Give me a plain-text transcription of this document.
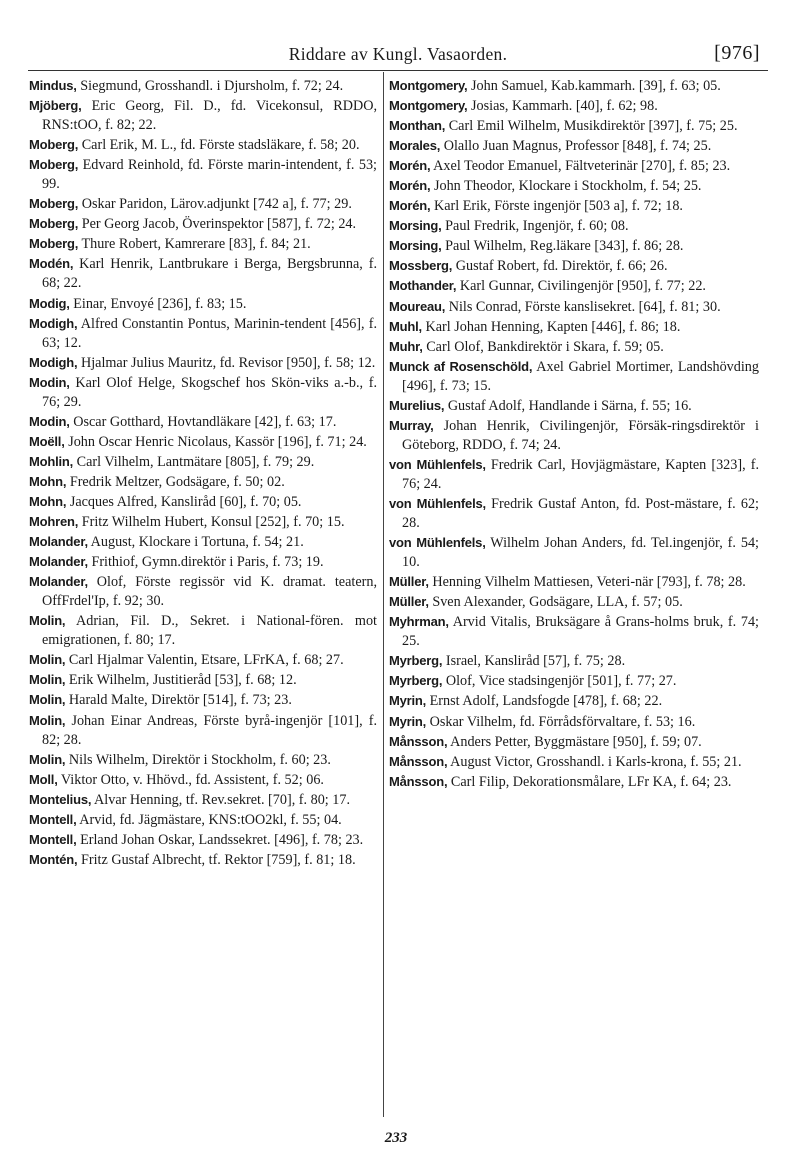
Riddare av Kungl. Vasaorden.	[976]

Mindus, Siegmund, Grosshandl. i Djursholm, f. 72; 24.

Mjöberg, Eric Georg, Fil. D., fd. Vicekonsul, RDDO, RNS:tOO, f. 82; 22.

Moberg, Carl Erik, M. L., fd. Förste stadsläkare, f. 58; 20.

Moberg, Edvard Reinhold, fd. Förste marin-intendent, f. 53; 99.

Moberg, Oskar Paridon, Lärov.adjunkt [742 a], f. 77; 29.

Moberg, Per Georg Jacob, Överinspektor [587], f. 72; 24.

Moberg, Thure Robert, Kamrerare [83], f. 84; 21.

Modén, Karl Henrik, Lantbrukare i Berga, Bergsbrunna, f. 68; 22.

Modig, Einar, Envoyé [236], f. 83; 15.

Modigh, Alfred Constantin Pontus, Marinin-tendent [456], f. 63; 12.

Modigh, Hjalmar Julius Mauritz, fd. Revisor [950], f. 58; 12.

Modin, Karl Olof Helge, Skogschef hos Skön-viks a.-b., f. 76; 29.

Modin, Oscar Gotthard, Hovtandläkare [42], f. 63; 17.

Moëll, John Oscar Henric Nicolaus, Kassör [196], f. 71; 24.

Mohlin, Carl Vilhelm, Lantmätare [805], f. 79; 29.

Mohn, Fredrik Meltzer, Godsägare, f. 50; 02.

Mohn, Jacques Alfred, Kansliråd [60], f. 70; 05.

Mohren, Fritz Wilhelm Hubert, Konsul [252], f. 70; 15.

Molander, August, Klockare i Tortuna, f. 54; 21.

Molander, Frithiof, Gymn.direktör i Paris, f. 73; 19.

Molander, Olof, Förste regissör vid K. dramat. teatern, OffFrdel'Ip, f. 92; 30.

Molin, Adrian, Fil. D., Sekret. i National-fören. mot emigrationen, f. 80; 17.

Molin, Carl Hjalmar Valentin, Etsare, LFrKA, f. 68; 27.

Molin, Erik Wilhelm, Justitieråd [53], f. 68; 12.

Molin, Harald Malte, Direktör [514], f. 73; 23.

Molin, Johan Einar Andreas, Förste byrå-ingenjör [101], f. 82; 28.

Molin, Nils Wilhelm, Direktör i Stockholm, f. 60; 23.

Moll, Viktor Otto, v. Hhövd., fd. Assistent, f. 52; 06.

Montelius, Alvar Henning, tf. Rev.sekret. [70], f. 80; 17.

Montell, Arvid, fd. Jägmästare, KNS:tOO2kl, f. 55; 04.

Montell, Erland Johan Oskar, Landssekret. [496], f. 78; 23.

Montén, Fritz Gustaf Albrecht, tf. Rektor [759], f. 81; 18.

Montgomery, John Samuel, Kab.kammarh. [39], f. 63; 05.

Montgomery, Josias, Kammarh. [40], f. 62; 98.

Monthan, Carl Emil Wilhelm, Musikdirektör [397], f. 75; 25.

Morales, Olallo Juan Magnus, Professor [848], f. 74; 25.

Morén, Axel Teodor Emanuel, Fältveterinär [270], f. 85; 23.

Morén, John Theodor, Klockare i Stockholm, f. 54; 25.

Morén, Karl Erik, Förste ingenjör [503 a], f. 72; 18.

Morsing, Paul Fredrik, Ingenjör, f. 60; 08.

Morsing, Paul Wilhelm, Reg.läkare [343], f. 86; 28.

Mossberg, Gustaf Robert, fd. Direktör, f. 66; 26.

Mothander, Karl Gunnar, Civilingenjör [950], f. 77; 22.

Moureau, Nils Conrad, Förste kanslisekret. [64], f. 81; 30.

Muhl, Karl Johan Henning, Kapten [446], f. 86; 18.

Muhr, Carl Olof, Bankdirektör i Skara, f. 59; 05.

Munck af Rosenschöld, Axel Gabriel Mortimer, Landshövding [496], f. 73; 15.

Murelius, Gustaf Adolf, Handlande i Särna, f. 55; 16.

Murray, Johan Henrik, Civilingenjör, Försäk-ringsdirektör i Göteborg, RDDO, f. 74; 24.

von Mühlenfels, Fredrik Carl, Hovjägmästare, Kapten [323], f. 76; 24.

von Mühlenfels, Fredrik Gustaf Anton, fd. Post-mästare, f. 62; 28.

von Mühlenfels, Wilhelm Johan Anders, fd. Tel.ingenjör, f. 54; 10.

Müller, Henning Vilhelm Mattiesen, Veteri-när [793], f. 78; 28.

Müller, Sven Alexander, Godsägare, LLA, f. 57; 05.

Myhrman, Arvid Vitalis, Bruksägare å Grans-holms bruk, f. 74; 25.

Myrberg, Israel, Kansliråd [57], f. 75; 28.

Myrberg, Olof, Vice stadsingenjör [501], f. 77; 27.

Myrin, Ernst Adolf, Landsfogde [478], f. 68; 22.

Myrin, Oskar Vilhelm, fd. Förrådsförvaltare, f. 53; 16.

Månsson, Anders Petter, Byggmästare [950], f. 59; 07.

Månsson, August Victor, Grosshandl. i Karls-krona, f. 55; 21.

Månsson, Carl Filip, Dekorationsmålare, LFr KA, f. 64; 23.

233
